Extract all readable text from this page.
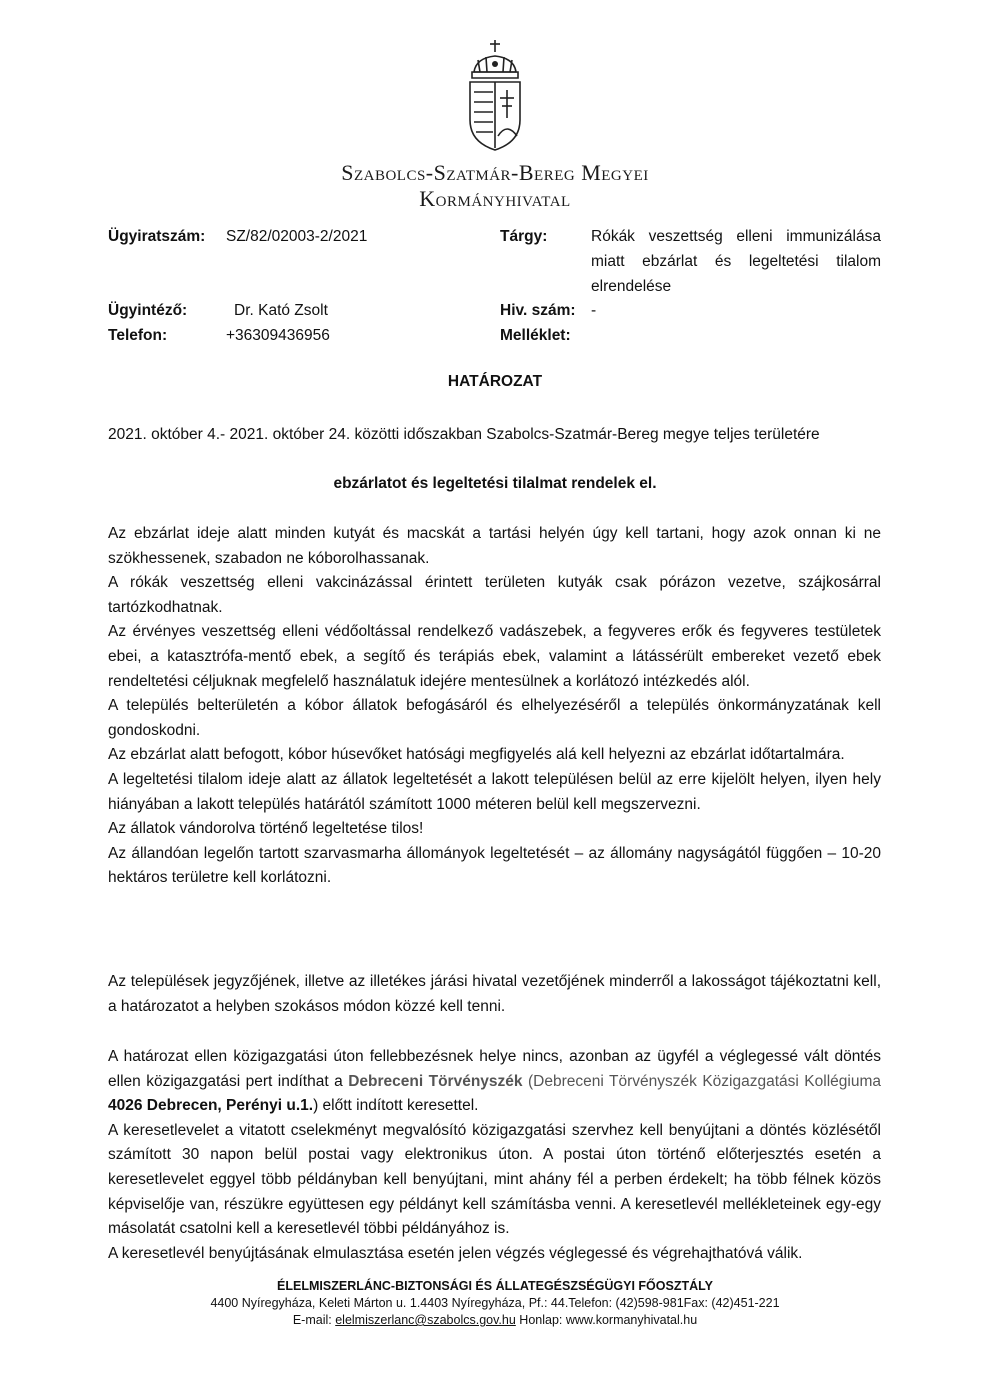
Szabolcs-Szatmár-Bereg Megyei
Kormányhivatal
Ügyiratszám: SZ/82/02003-2/2021
Ügyintéző:	Dr. Kató Zsolt
Telefon:	+36309436956
Tárgy:	Rókák veszettség elleni immunizálása miatt ebzárlat és legeltetési tilalom elrendelése
Hiv. szám: -
Melléklet:
HATÁROZAT
2021. október 4.- 2021. október 24. közötti időszakban Szabolcs-Szatmár-Bereg megye teljes területére
ebzárlatot és legeltetési tilalmat rendelek el.

Az ebzárlat ideje alatt minden kutyát és macskát a tartási helyén úgy kell tartani, hogy azok onnan ki ne szökhessenek, szabadon ne kóborolhassanak.

A rókák veszettség elleni vakcinázással érintett területen kutyák csak pórázon vezetve, szájkosárral tartózkodhatnak.

Az érvényes veszettség elleni védőoltással rendelkező vadászebek, a fegyveres erők és fegyveres testületek ebei, a katasztrófa-mentő ebek, a segítő és terápiás ebek, valamint a látássérült embereket vezető ebek rendeltetési céljuknak megfelelő használatuk idejére mentesülnek a korlátozó intézkedés alól.

A település belterületén a kóbor állatok befogásáról és elhelyezéséről a település önkormányzatának kell gondoskodni.

Az ebzárlat alatt befogott, kóbor húsevőket hatósági megfigyelés alá kell helyezni az ebzárlat időtartalmára.

A legeltetési tilalom ideje alatt az állatok legeltetését a lakott településen belül az erre kijelölt helyen, ilyen hely hiányában a lakott település határától számított 1000 méteren belül kell megszervezni.

Az állatok vándorolva történő legeltetése tilos!

Az állandóan legelőn tartott szarvasmarha állományok legeltetését – az állomány nagyságától függően – 10-20 hektáros területre kell korlátozni.

Az települések jegyzőjének, illetve az illetékes járási hivatal vezetőjének minderről a lakosságot tájékoztatni kell, a határozatot a helyben szokásos módon közzé kell tenni.

A határozat ellen közigazgatási úton fellebbezésnek helye nincs, azonban az ügyfél a véglegessé vált döntés ellen közigazgatási pert indíthat a Debreceni Törvényszék (Debreceni Törvényszék Közigazgatási Kollégiuma 4026 Debrecen, Perényi u.1.) előtt indított keresettel.

A keresetlevelet a vitatott cselekményt megvalósító közigazgatási szervhez kell benyújtani a döntés közlésétől számított 30 napon belül postai vagy elektronikus úton. A postai úton történő előterjesztés esetén a keresetlevelet eggyel több példányban kell benyújtani, mint ahány fél a perben érdekelt; ha több félnek közös képviselője van, részükre együttesen egy példányt kell számításba venni. A keresetlevél mellékleteinek egy-egy másolatát csatolni kell a keresetlevél többi példányához is.

A keresetlevél benyújtásának elmulasztása esetén jelen végzés véglegessé és végrehajthatóvá válik.

ÉLELMISZERLÁNC-BIZTONSÁGI ÉS ÁLLATEGÉSZSÉGÜGYI FŐOSZTÁLY
4400 Nyíregyháza, Keleti Márton u. 1.4403 Nyíregyháza, Pf.: 44.Telefon: (42)598-981Fax: (42)451-221
E-mail: elelmiszerlanc@szabolcs.gov.hu Honlap: www.kormanyhivatal.hu
